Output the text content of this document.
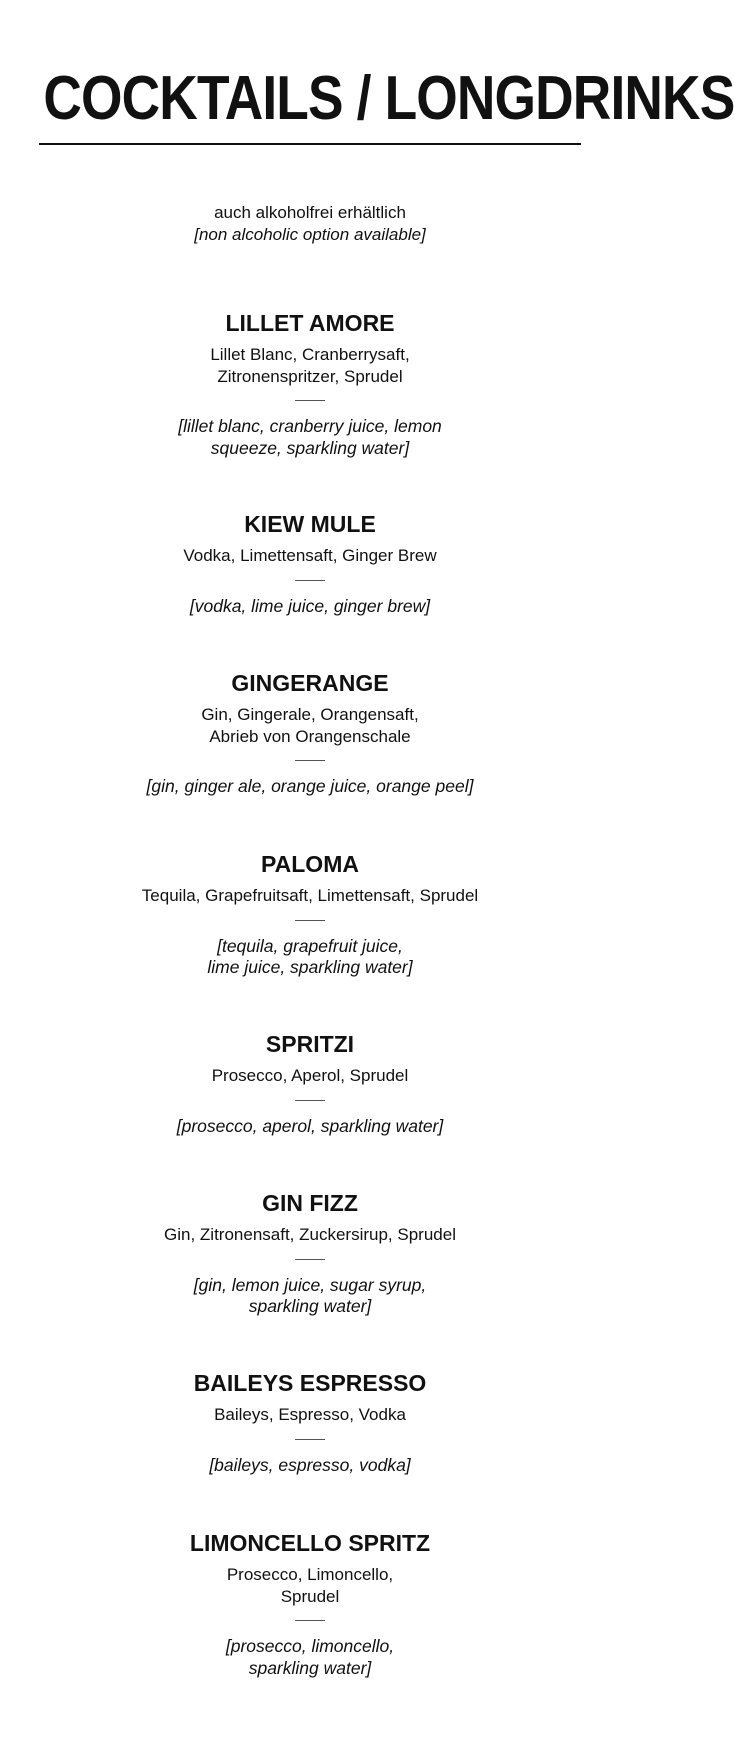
COCKTAILS / LONGDRINKS
auch alkoholfrei erhältlich
[non alcoholic option available]
LILLET AMORE
Lillet Blanc, Cranberrysaft,
Zitronenspritzer, Sprudel
[lillet blanc, cranberry juice, lemon
squeeze, sparkling water]
KIEW MULE
Vodka, Limettensaft, Ginger Brew
[vodka, lime juice, ginger brew]
GINGERANGE
Gin, Gingerale, Orangensaft,
Abrieb von Orangenschale
[gin, ginger ale, orange juice, orange peel]
PALOMA
Tequila, Grapefruitsaft, Limettensaft, Sprudel
[tequila, grapefruit juice,
lime juice, sparkling water]
SPRITZI
Prosecco, Aperol, Sprudel
[prosecco, aperol, sparkling water]
GIN FIZZ
Gin, Zitronensaft, Zuckersirup, Sprudel
[gin, lemon juice, sugar syrup,
sparkling water]
BAILEYS ESPRESSO
Baileys, Espresso, Vodka
[baileys, espresso, vodka]
LIMONCELLO SPRITZ
Prosecco, Limoncello,
Sprudel
[prosecco, limoncello,
sparkling water]
